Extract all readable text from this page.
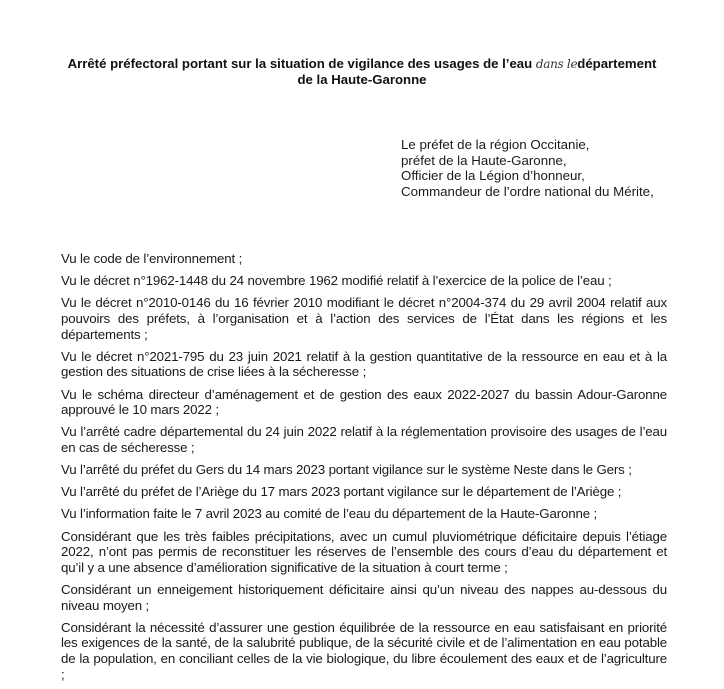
Arrêté préfectoral portant sur la situation de vigilance des usages de l’eau dans ledépartement
de la Haute-Garonne
Le préfet de la région Occitanie,
préfet de la Haute-Garonne,
Officier de la Légion d’honneur,
Commandeur de l’ordre national du Mérite,

Vu le code de l’environnement ;

Vu le décret n°1962-1448 du 24 novembre 1962 modifié relatif à l’exercice de la police de l’eau ;

Vu le décret n°2010-0146 du 16 février 2010 modifiant le décret n°2004-374 du 29 avril 2004 relatif aux pouvoirs des préfets, à l’organisation et à l’action des services de l’État dans les régions et les départements ;

Vu le décret n°2021-795 du 23 juin 2021 relatif à la gestion quantitative de la ressource en eau et à la gestion des situations de crise liées à la sécheresse ;

Vu le schéma directeur d’aménagement et de gestion des eaux 2022-2027 du bassin Adour-Garonne approuvé le 10 mars 2022 ;

Vu l’arrêté cadre départemental du 24 juin 2022 relatif à la réglementation provisoire des usages de l’eau en cas de sécheresse ;

Vu l’arrêté du préfet du Gers du 14 mars 2023 portant vigilance sur le système Neste dans le Gers ;

Vu l’arrêté du préfet de l’Ariège du 17 mars 2023 portant vigilance sur le département de l’Ariège ;

Vu l’information faite le 7 avril 2023 au comité de l’eau du département de la Haute-Garonne ;

Considérant que les très faibles précipitations, avec un cumul pluviométrique déficitaire depuis l’étiage 2022, n’ont pas permis de reconstituer les réserves de l’ensemble des cours d’eau du département et qu’il y a une absence d’amélioration significative de la situation à court terme ;

Considérant un enneigement historiquement déficitaire ainsi qu’un niveau des nappes au-dessous du niveau moyen ;

Considérant la nécessité d’assurer une gestion équilibrée de la ressource en eau satisfaisant en priorité les exigences de la santé, de la salubrité publique, de la sécurité civile et de l’alimentation en eau potable de la population, en conciliant celles de la vie biologique, du libre écoulement des eaux et de l’agriculture ;
